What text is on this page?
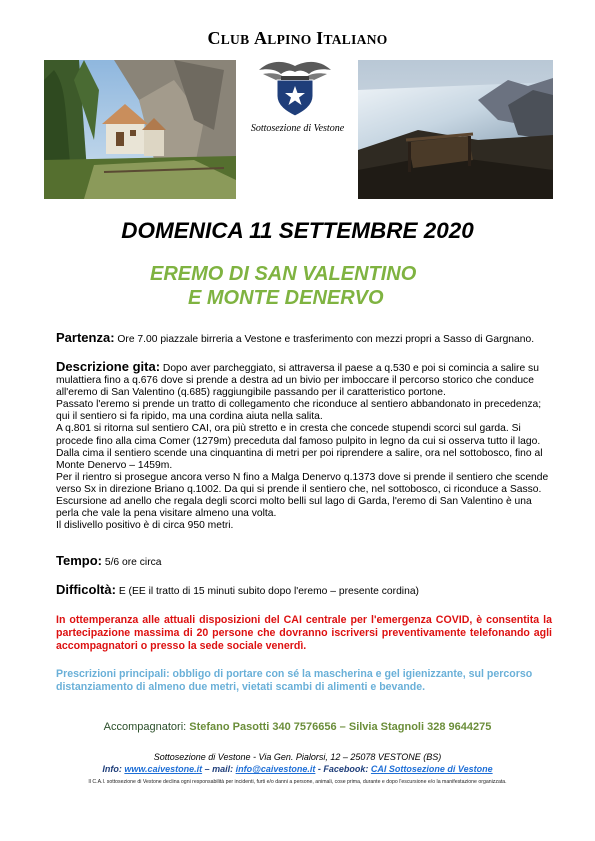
CLUB ALPINO ITALIANO
Sottosezione di Vestone
DOMENICA 11 SETTEMBRE 2020
EREMO DI SAN VALENTINO
E MONTE DENERVO
Partenza: Ore 7.00 piazzale birreria a Vestone e trasferimento con mezzi propri a Sasso di Gargnano.
Descrizione gita: Dopo aver parcheggiato, si attraversa il paese a q.530 e poi si comincia a salire su mulattiera fino a q.676 dove si prende a destra ad un bivio per imboccare il percorso storico che conduce all'eremo di San Valentino (q.685) raggiungibile passando per il caratteristico portone.
Passato l'eremo si prende un tratto di collegamento che riconduce al sentiero abbandonato in precedenza; qui il sentiero si fa ripido, ma una cordina aiuta nella salita.
A q.801 si ritorna sul sentiero CAI, ora più stretto e in cresta che concede stupendi scorci sul garda. Si procede fino alla cima Comer (1279m) preceduta dal famoso pulpito in legno da cui si osserva tutto il lago.
Dalla cima il sentiero scende una cinquantina di metri per poi riprendere a salire, ora nel sottobosco, fino al Monte Denervo – 1459m.
Per il rientro si prosegue ancora verso N fino a Malga Denervo q.1373 dove si prende il sentiero che scende verso Sx in direzione Briano q.1002. Da qui si prende il sentiero che, nel sottobosco, ci riconduce a Sasso.
Escursione ad anello che regala degli scorci molto belli sul lago di Garda, l'eremo di San Valentino è una perla che vale la pena visitare almeno una volta.
Il dislivello positivo è di circa 950 metri.
Tempo: 5/6 ore circa
Difficoltà: E (EE il tratto di 15 minuti subito dopo l'eremo – presente cordina)
In ottemperanza alle attuali disposizioni del CAI centrale per l'emergenza COVID, è consentita la partecipazione massima di 20 persone che dovranno iscriversi preventivamente telefonando agli accompagnatori o presso la sede sociale venerdì.
Prescrizioni principali: obbligo di portare con sé la mascherina e gel igienizzante, sul percorso distanziamento di almeno due metri, vietati scambi di alimenti e bevande.
Accompagnatori: Stefano Pasotti 340 7576656 – Silvia Stagnoli 328 9644275
Sottosezione di Vestone - Via Gen. Pialorsi, 12 – 25078 VESTONE (BS)
Info: www.caivestone.it – mail: info@caivestone.it - Facebook: CAI Sottosezione di Vestone
Il C.A.I. sottosezione di Vestone declina ogni responsabilità per incidenti, furti e/o danni a persone, animali, cose prima, durante e dopo l'escursione e/o la manifestazione organizzata.
